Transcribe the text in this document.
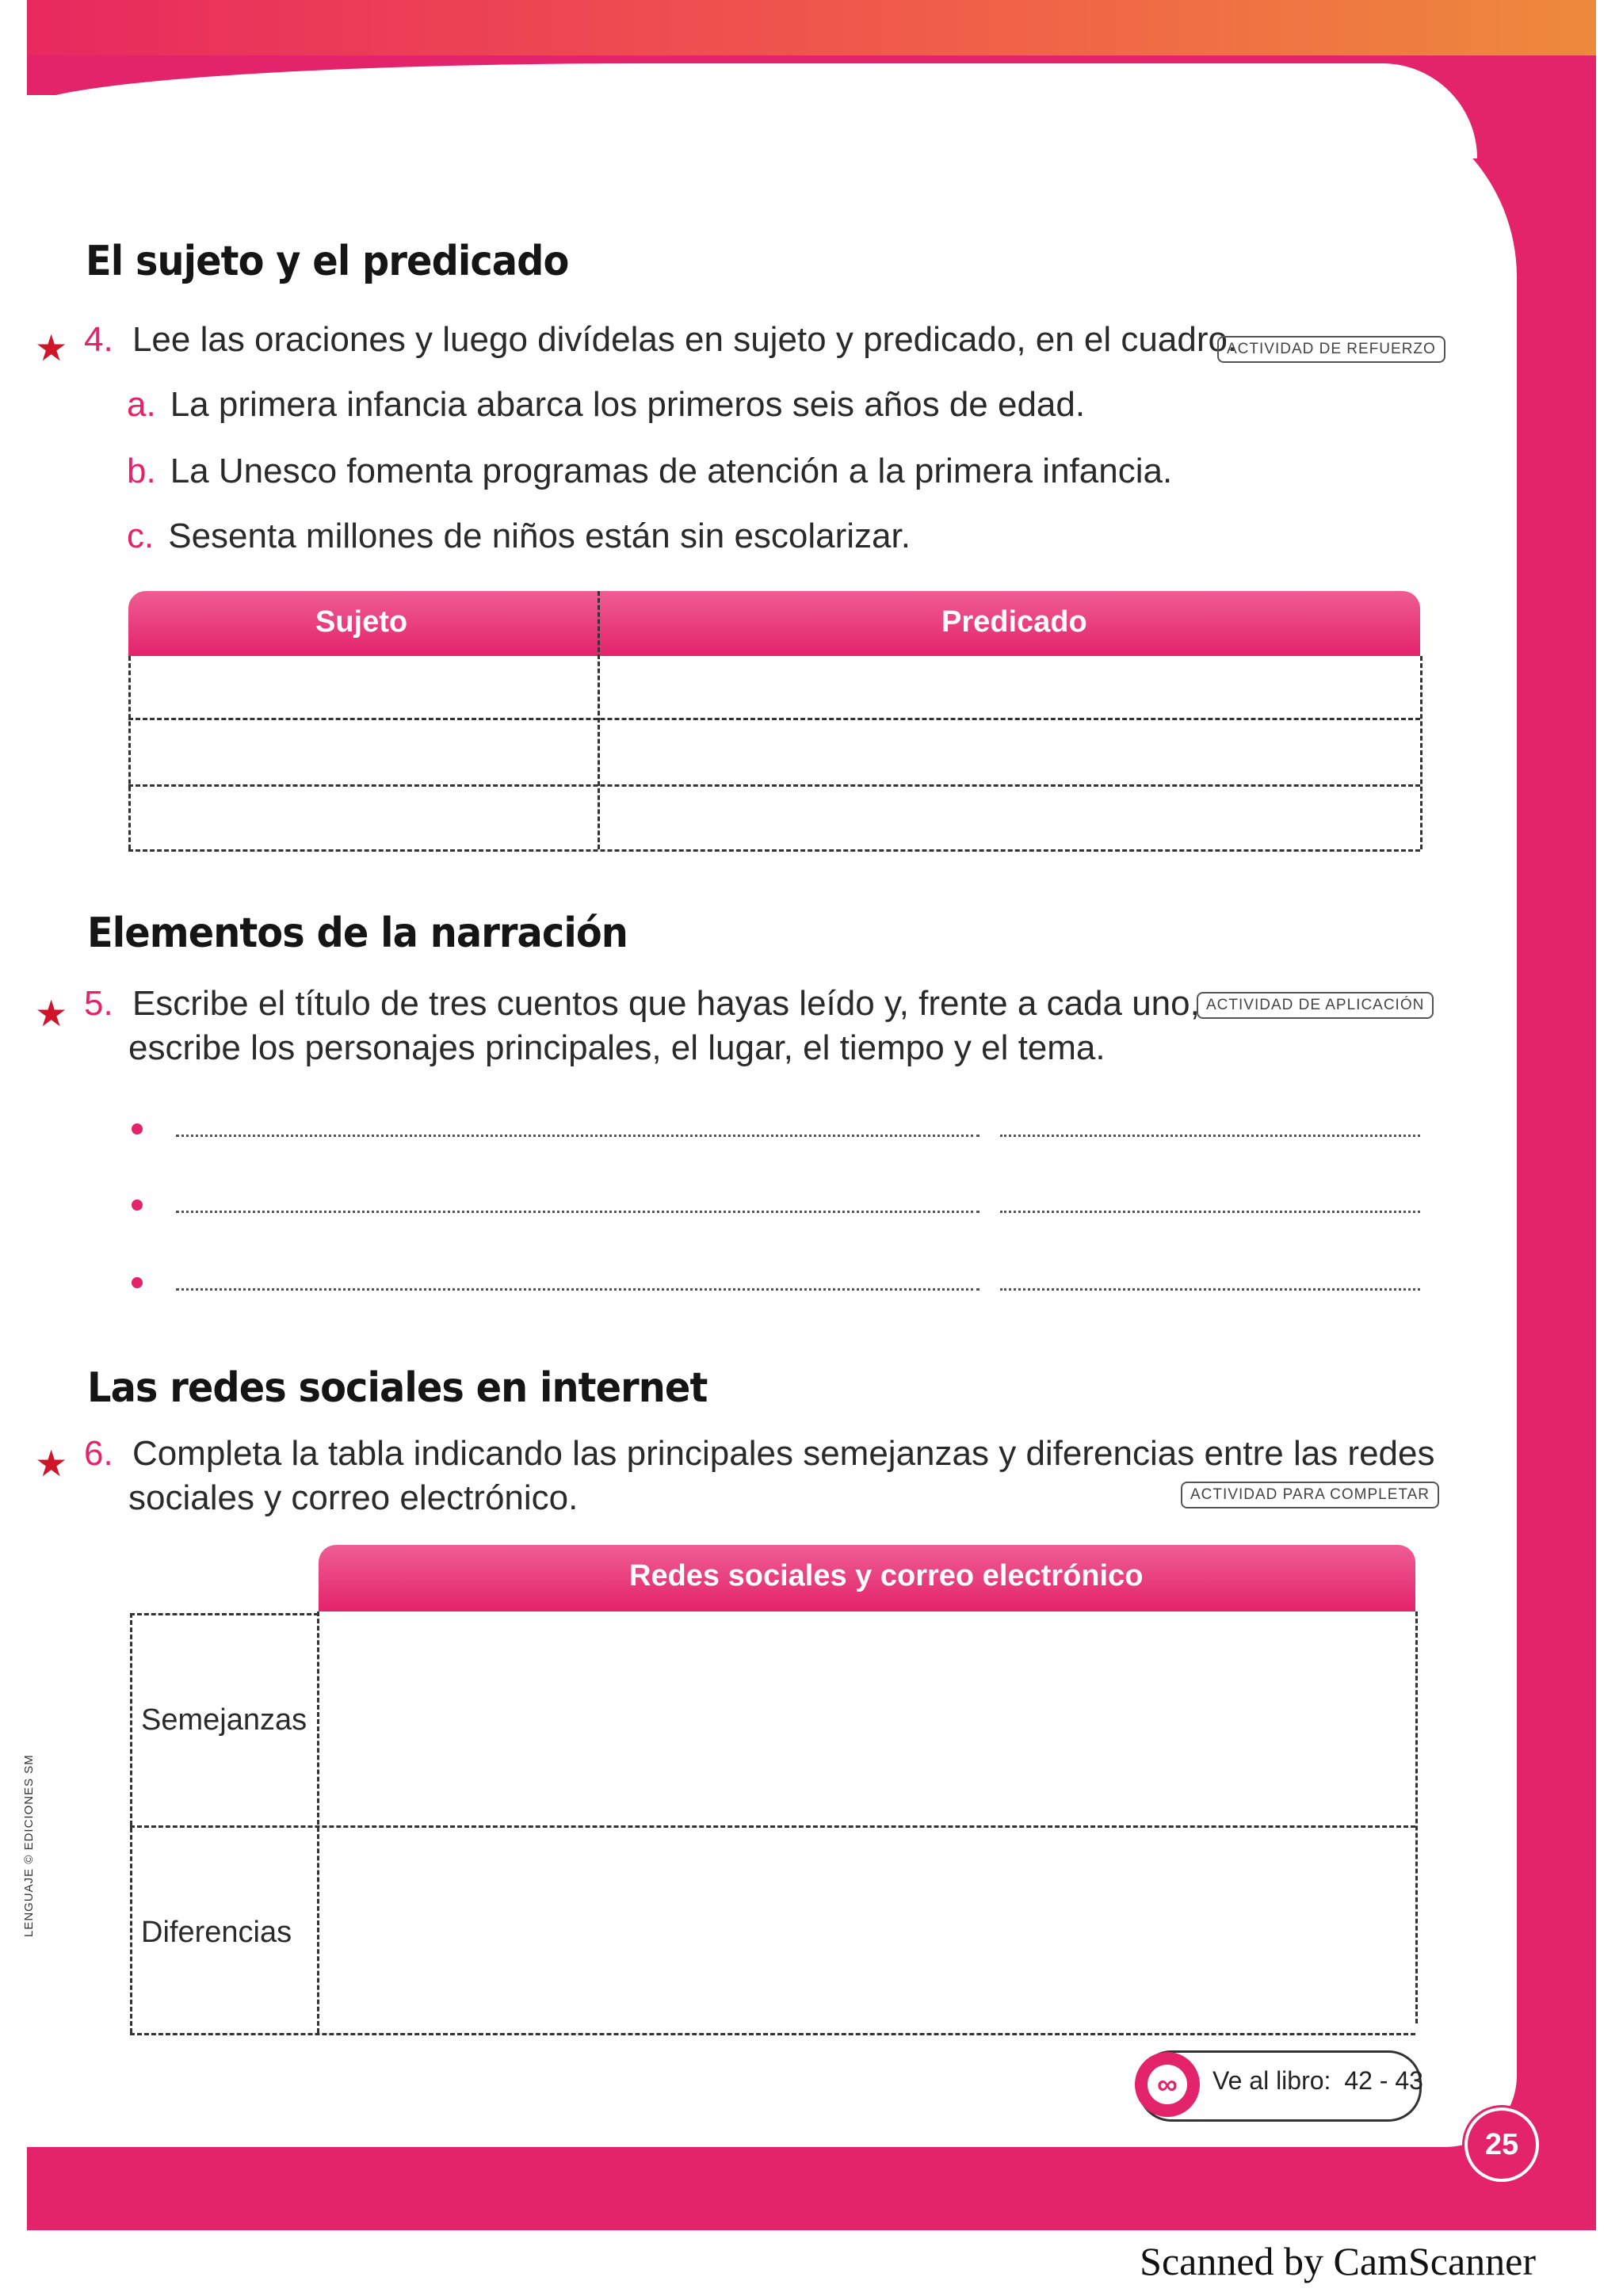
El sujeto y el predicado
★ 4. Lee las oraciones y luego divídelas en sujeto y predicado, en el cuadro.
ACTIVIDAD DE REFUERZO
a. La primera infancia abarca los primeros seis años de edad.
b. La Unesco fomenta programas de atención a la primera infancia.
c. Sesenta millones de niños están sin escolarizar.
Sujeto	Predicado
Elementos de la narración
★ 5. Escribe el título de tres cuentos que hayas leído y, frente a cada uno,
escribe los personajes principales, el lugar, el tiempo y el tema.
ACTIVIDAD DE APLICACIÓN
Las redes sociales en internet
★ 6. Completa la tabla indicando las principales semejanzas y diferencias entre las redes
sociales y correo electrónico.	ACTIVIDAD PARA COMPLETAR
Redes sociales y correo electrónico
Semejanzas
Diferencias
∞	Ve al libro: 42 - 43
25
LENGUAJE © EDICIONES SM
Scanned by CamScanner
